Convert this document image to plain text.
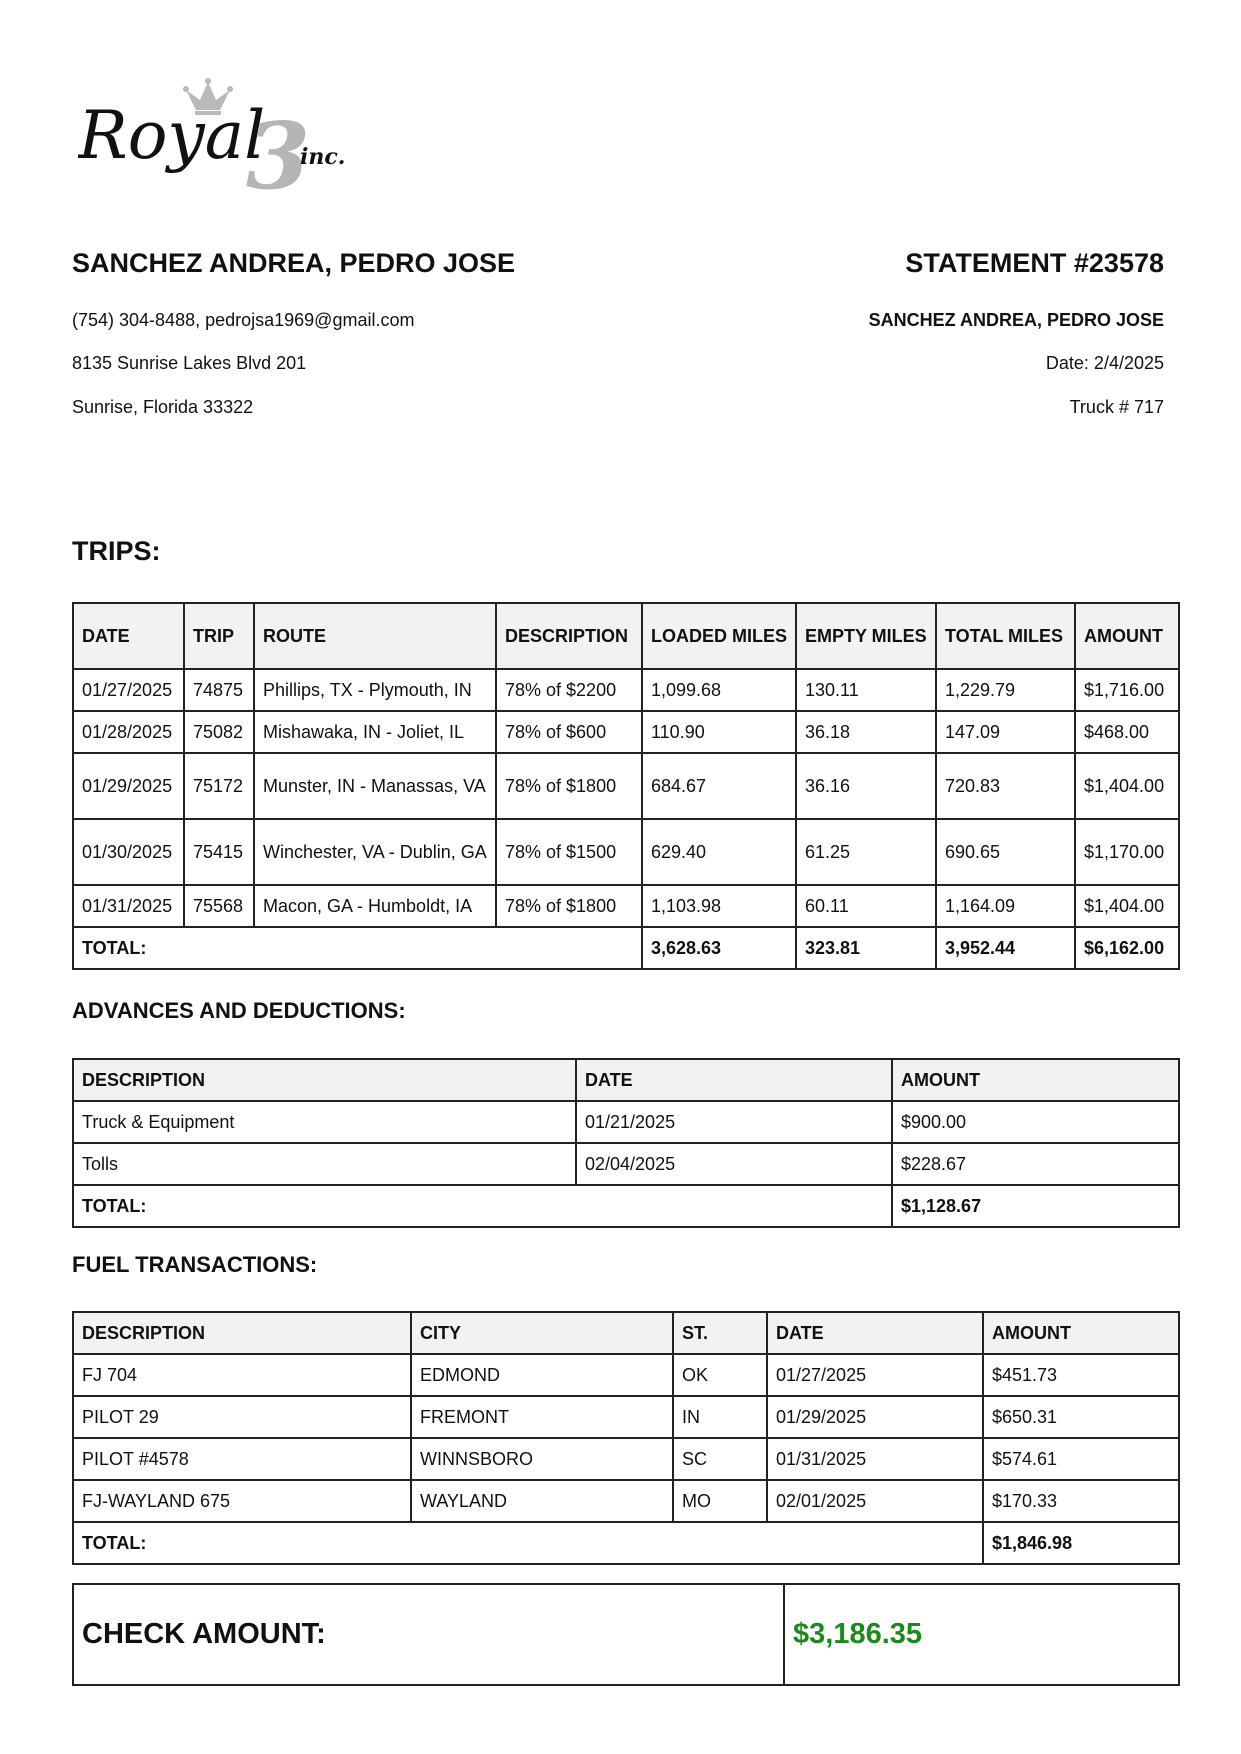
3
Royal inc.
SANCHEZ ANDREA, PEDRO JOSE
(754) 304-8488, pedrojsa1969@gmail.com
8135 Sunrise Lakes Blvd 201
Sunrise, Florida 33322
STATEMENT #23578
SANCHEZ ANDREA, PEDRO JOSE
Date: 2/4/2025
Truck # 717
TRIPS:
DATE	TRIP	ROUTE	DESCRIPTION	LOADED MILES	EMPTY MILES	TOTAL MILES	AMOUNT
01/27/2025	74875	Phillips, TX - Plymouth, IN	78% of $2200	1,099.68	130.11	1,229.79	$1,716.00
01/28/2025	75082	Mishawaka, IN - Joliet, IL	78% of $600	110.90	36.18	147.09	$468.00
01/29/2025	75172	Munster, IN - Manassas, VA	78% of $1800	684.67	36.16	720.83	$1,404.00
01/30/2025	75415	Winchester, VA - Dublin, GA	78% of $1500	629.40	61.25	690.65	$1,170.00
01/31/2025	75568	Macon, GA - Humboldt, IA	78% of $1800	1,103.98	60.11	1,164.09	$1,404.00
TOTAL:				3,628.63	323.81	3,952.44	$6,162.00
ADVANCES AND DEDUCTIONS:
DESCRIPTION	DATE	AMOUNT
Truck & Equipment	01/21/2025	$900.00
Tolls	02/04/2025	$228.67
TOTAL:		$1,128.67
FUEL TRANSACTIONS:
DESCRIPTION	CITY	ST.	DATE	AMOUNT
FJ 704	EDMOND	OK	01/27/2025	$451.73
PILOT 29	FREMONT	IN	01/29/2025	$650.31
PILOT #4578	WINNSBORO	SC	01/31/2025	$574.61
FJ-WAYLAND 675	WAYLAND	MO	02/01/2025	$170.33
TOTAL:				$1,846.98
CHECK AMOUNT:	$3,186.35
